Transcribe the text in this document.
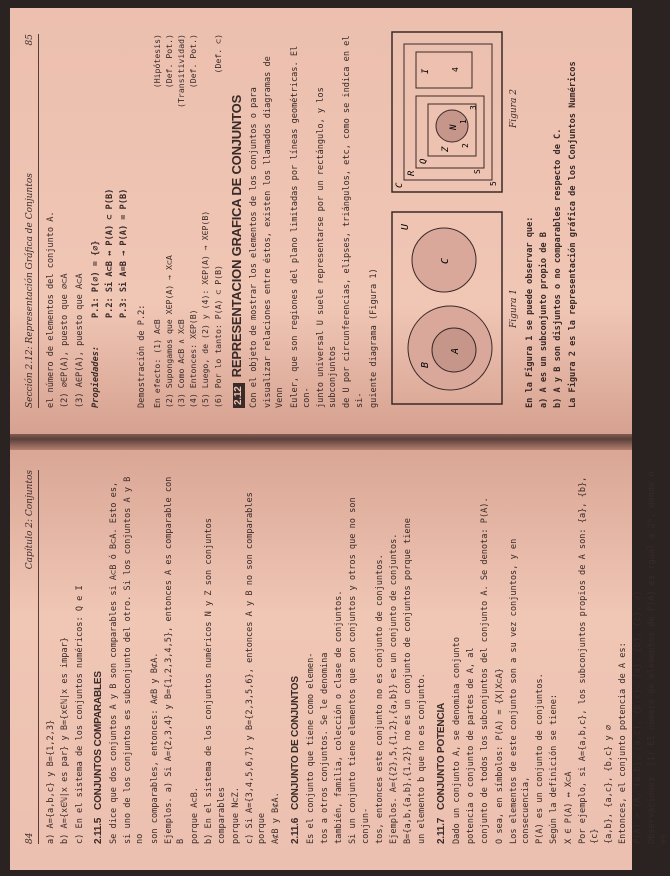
84
Capítulo 2: Conjuntos

a) A={a,b,c} y B={1,2,3} b) A={x∈ℕ|x es par} y B={x∈ℕ|x es impar} c) En el sistema de los conjuntos numéricos: Q e I 2.11.5CONJUNTOS COMPARABLES Se dice que dos conjuntos A y B son comparables si A⊂B ó B⊂A. Esto es, si uno de los conjuntos es subconjunto del otro. Si los conjuntos A y B no son comparables, entonces: A⊄B y B⊄A. Ejemplos. a) Si A={2,3,4} y B={1,2,3,4,5}, entonces A es comparable con B porque A⊂B. b) En el sistema de los conjuntos numéricos N y Z son conjuntos comparables porque N⊂Z. c) Si A={3,4,5,6,7} y B={2,3,5,6}, entonces A y B no son comparables porque A⊄B y B⊄A. 2.11.6CONJUNTO DE CONJUNTOS Es el conjunto que tiene como elemen- tos a otros conjuntos. Se le denomina también, familia, colección o clase de conjuntos. Si un conjunto tiene elementos que son conjuntos y otros que no son conjun- tos, entonces este conjunto no es conjunto de conjuntos. Ejemplos. A={{2},5,{1,2},{a,b}} es un conjunto de conjuntos. B={a,b,{a,b},{1,2}} no es un conjunto de conjuntos porque tiene un elemento b que no es conjunto. 2.11.7CONJUNTO POTENCIA Dado un conjunto A, se denomina conjunto potencia o conjunto de partes de A, al conjunto de todos los subconjuntos del conjunto A. Se denota: P(A). O sea, en símbolos: P(A) = {X|X⊂A} Los elementos de este conjunto son a su vez conjuntos, y en consecuencia, P(A) es un conjunto de conjuntos. Según la definición se tiene: X ∈ P(A) ↔ X⊂A Por ejemplo, si A={a,b,c}, los subconjuntos propios de A son: {a}, {b}, {c} {a,b}, {a,c}, {b,c} y ∅ Entonces, el conjunto potencia de A es: P(A) = {A, {a,b}, {a,c}, {b,c}, {a}, {b}, {c}, ∅} Observaciones. (1) El número de elementos de P(A) es igual a 2ⁿ, donde n es

Sección 2.12: Representación Gráfica de Conjuntos
85

el número de elementos del conjunto A. (2) ∅∈P(A), puesto que ∅⊂A (3) A∈P(A), puesto que A⊂A Propiedades:

P.1: P(∅) = {∅} P.2: Si A⊂B ↔ P(A) ⊂ P(B) P.3: Si A=B → P(A) = P(B)

Demostración de P.2: En efecto: (1) A⊂B
(Hipótesis)
(2) Supongamos que X∈P(A) → X⊂A
(Def. Pot.)
(3) Como A⊂B ∧ X⊂B
(Transitividad)
(4) Entonces: X∈P(B)
(Def. Pot.)
(5) Luego, de (2) y (4): X∈P(A) → X∈P(B) (6) Por lo tanto: P(A) ⊂ P(B)
(Def. ⊂)
2.12REPRESENTACION GRAFICA DE CONJUNTOS Con el objeto de mostrar los elementos de los conjuntos o para visualizar relaciones entre éstos, existen los llamados diagramas de Venn Euler, que son regiones del plano limitadas por líneas geométricas. El con- junto universal U suele representarse por un rectángulo, y los subconjuntos de U por circunferencias, elipses, triángulos, etc, como se indica en el si- guiente diagrama (Figura 1)

U
A
B
C
Figura 1
C
R
Q
I
Z
N
S
1
2
3
4
5
Figura 2

En la Figura 1 se puede observar que: a) A es un subconjunto propio de B b) A y B son disjuntos o no comparables respecto de C. La Figura 2 es la representación gráfica de los Conjuntos Numéricos
